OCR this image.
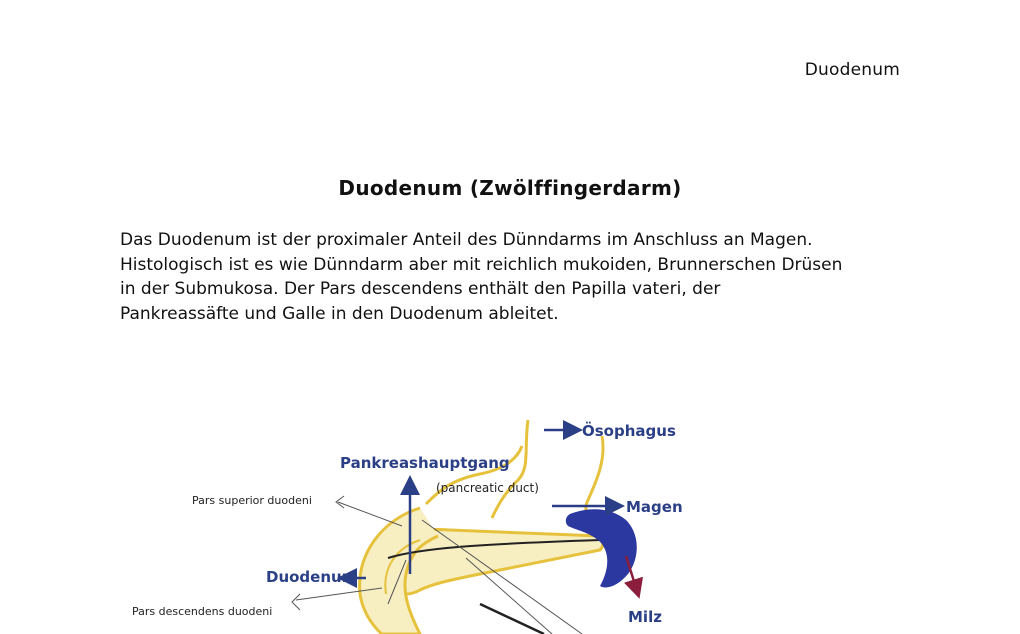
Duodenum
Duodenum (Zwölffingerdarm)

Das Duodenum ist der proximaler Anteil des Dünndarms im Anschluss an Magen.
Histologisch ist es wie Dünndarm aber mit reichlich mukoiden, Brunnerschen Drüsen
in der Submukosa. Der Pars descendens enthält den Papilla vateri, der
Pankreassäfte und Galle in den Duodenum ableitet.

Ösophagus
Pankreashauptgang
(pancreatic duct)
Magen
Pars superior duodeni
Duodenum
Milz
Pars descendens duodeni
